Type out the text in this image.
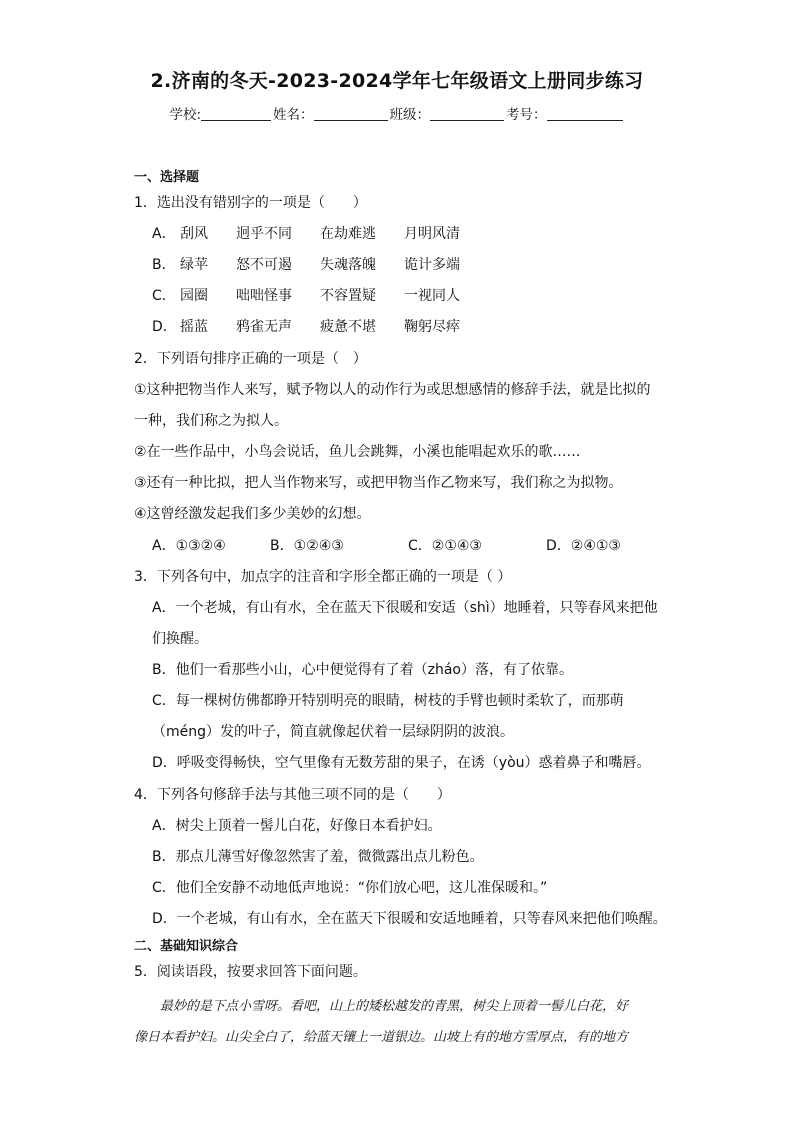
2.济南的冬天-2023-2024学年七年级语文上册同步练习
学校:	姓名：	班级：	考号：
一、选择题
1．选出没有错别字的一项是（　　）
A． 刮风 迥乎不同 在劫难逃 月明风清
B． 绿苹 怒不可遏 失魂落魄 诡计多端
C． 园圈 咄咄怪事 不容置疑 一视同人
D． 摇蓝 鸦雀无声 疲惫不堪 鞠躬尽瘁
2．下列语句排序正确的一项是（　）
①这种把物当作人来写，赋予物以人的动作行为或思想感情的修辞手法，就是比拟的
一种，我们称之为拟人。
②在一些作品中，小鸟会说话，鱼儿会跳舞，小溪也能唱起欢乐的歌……
③还有一种比拟，把人当作物来写，或把甲物当作乙物来写，我们称之为拟物。
④这曾经激发起我们多少美妙的幻想。
A．①③②④	B．①②④③	C．②①④③	D．②④①③
3．下列各句中，加点字的注音和字形全都正确的一项是（ ）
A．一个老城，有山有水，全在蓝天下很暖和安适（shì）地睡着，只等春风来把他
们换醒。
B．他们一看那些小山，心中便觉得有了着（zháo）落，有了依靠。
C．每一棵树仿佛都睁开特别明亮的眼睛，树枝的手臂也顿时柔软了，而那萌
（méng）发的叶子，简直就像起伏着一层绿阴阴的波浪。
D．呼吸变得畅快，空气里像有无数芳甜的果子，在诱（yòu）惑着鼻子和嘴唇。
4．下列各句修辞手法与其他三项不同的是（　　）
A．树尖上顶着一髻儿白花，好像日本看护妇。
B．那点儿薄雪好像忽然害了羞，微微露出点儿粉色。
C．他们全安静不动地低声地说：“你们放心吧，这儿准保暖和。”
D．一个老城，有山有水，全在蓝天下很暖和安适地睡着，只等春风来把他们唤醒。
二、基础知识综合
5．阅读语段，按要求回答下面问题。
最妙的是下点小雪呀。看吧，山上的矮松越发的青黑，树尖上顶着一髻儿白花，好
像日本看护妇。山尖全白了，给蓝天镶上一道银边。山坡上有的地方雪厚点，有的地方
